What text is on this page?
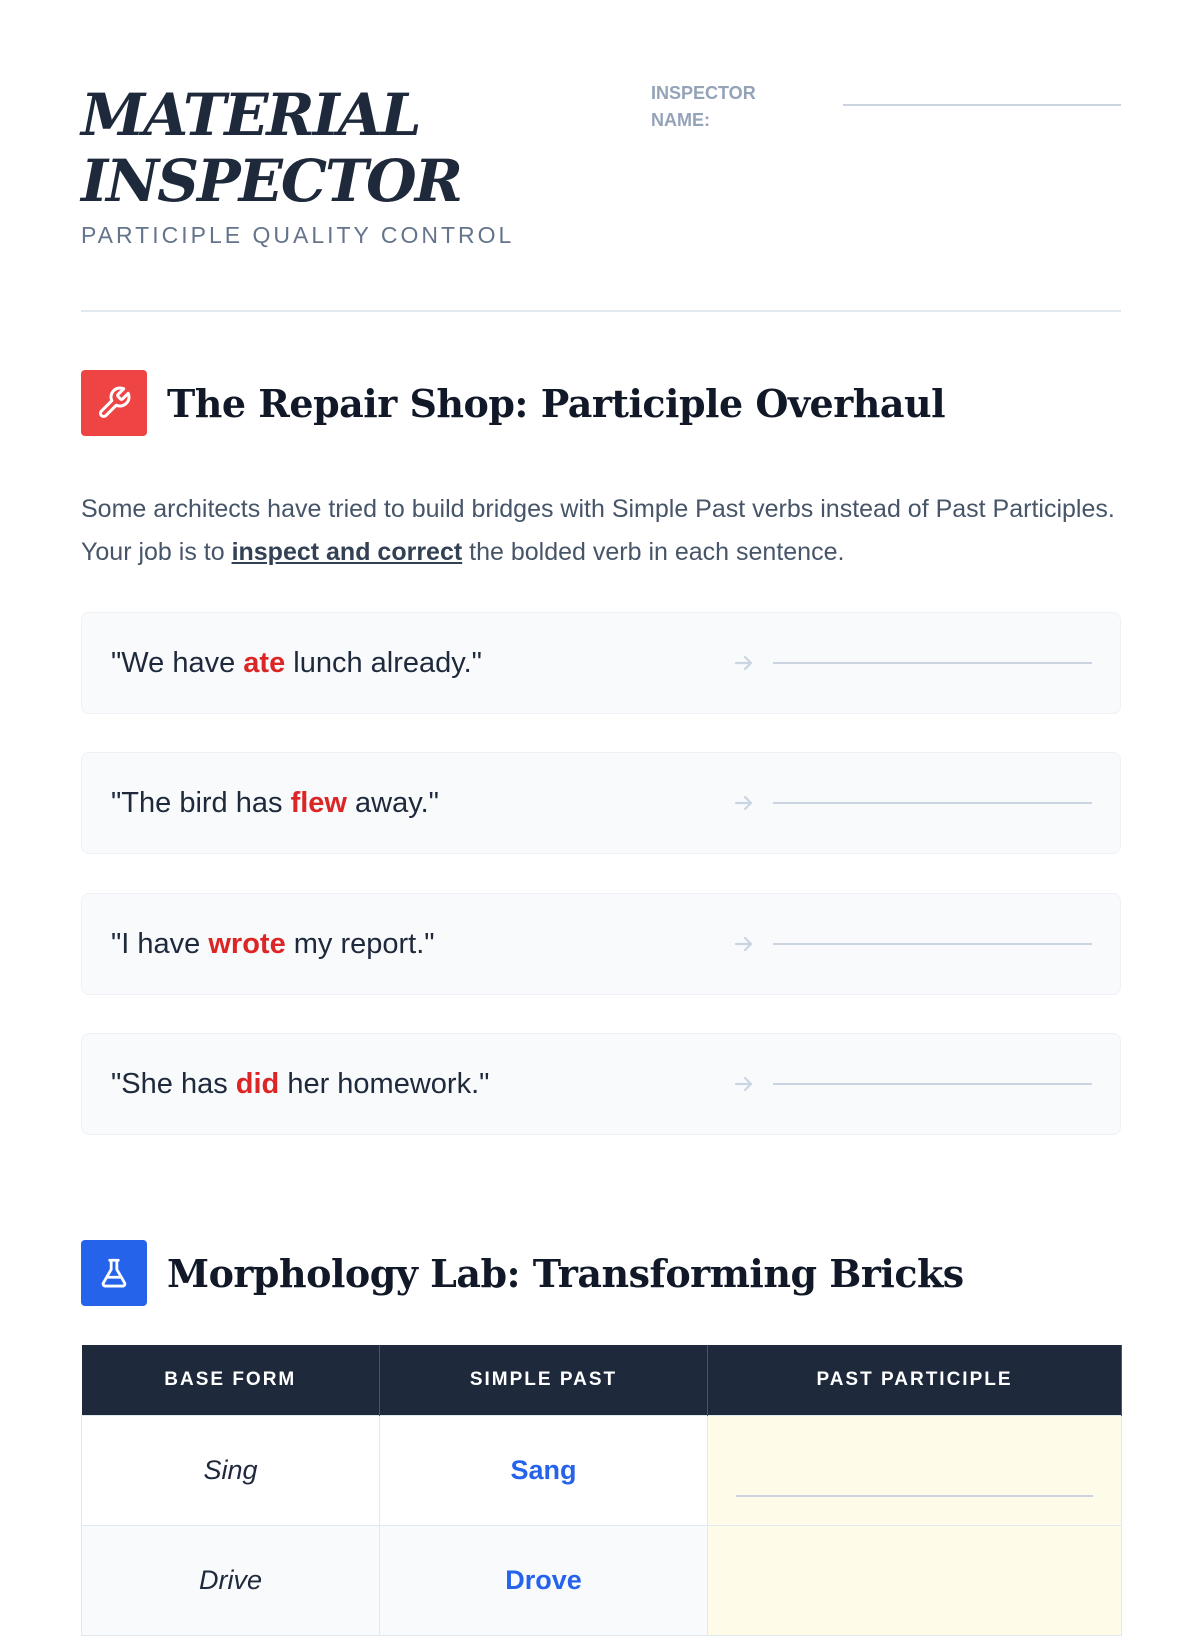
MATERIAL INSPECTOR
PARTICIPLE QUALITY CONTROL
INSPECTOR NAME:
The Repair Shop: Participle Overhaul

Some architects have tried to build bridges with Simple Past verbs instead of Past Participles. Your job is to inspect and correct the bolded verb in each sentence.

"We have ate lunch already."
"The bird has flew away."
"I have wrote my report."
"She has did her homework."
Morphology Lab: Transforming Bricks
BASE FORM	SIMPLE PAST	PAST PARTICIPLE
Sing	Sang	

Drive	Drove	
